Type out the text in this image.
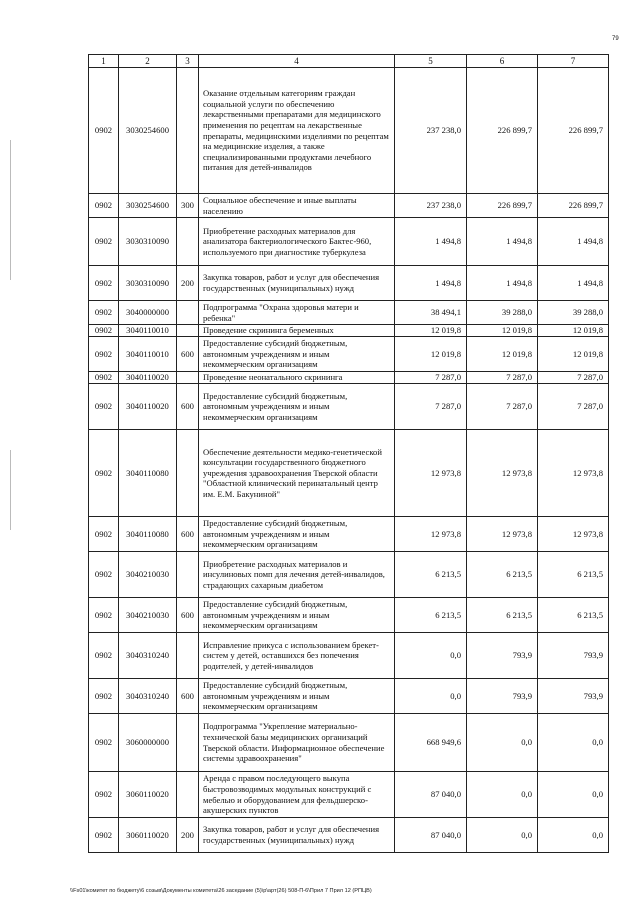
79
1	2	3	4	5	6	7
0902	3030254600		Оказание отдельным категориям граждан социальной услуги по обеспечению лекарственными препаратами для медицинского применения по рецептам на лекарственные препараты, медицинскими изделиями по рецептам на медицинские изделия, а также специализированными продуктами лечебного питания для детей-инвалидов	237 238,0	226 899,7	226 899,7
0902	3030254600	300	Социальное обеспечение и иные выплаты населению	237 238,0	226 899,7	226 899,7
0902	3030310090		Приобретение расходных материалов для анализатора бактериологического Бактес-960, используемого при диагностике туберкулеза	1 494,8	1 494,8	1 494,8
0902	3030310090	200	Закупка товаров, работ и услуг для обеспечения государственных (муниципальных) нужд	1 494,8	1 494,8	1 494,8
0902	3040000000		Подпрограмма "Охрана здоровья матери и ребенка"	38 494,1	39 288,0	39 288,0
0902	3040110010		Проведение скрининга беременных	12 019,8	12 019,8	12 019,8
0902	3040110010	600	Предоставление субсидий бюджетным, автономным учреждениям и иным некоммерческим организациям	12 019,8	12 019,8	12 019,8
0902	3040110020		Проведение неонатального скрининга	7 287,0	7 287,0	7 287,0
0902	3040110020	600	Предоставление субсидий бюджетным, автономным учреждениям и иным некоммерческим организациям	7 287,0	7 287,0	7 287,0
0902	3040110080		Обеспечение деятельности медико-генетической консультации государственного бюджетного учреждения здравоохранения Тверской области "Областной клинический перинатальный центр им. Е.М. Бакуниной"	12 973,8	12 973,8	12 973,8
0902	3040110080	600	Предоставление субсидий бюджетным, автономным учреждениям и иным некоммерческим организациям	12 973,8	12 973,8	12 973,8
0902	3040210030		Приобретение расходных материалов и инсулиновых помп для лечения детей-инвалидов, страдающих сахарным диабетом	6 213,5	6 213,5	6 213,5
0902	3040210030	600	Предоставление субсидий бюджетным, автономным учреждениям и иным некоммерческим организациям	6 213,5	6 213,5	6 213,5
0902	3040310240		Исправление прикуса с использованием брекет-систем у детей, оставшихся без попечения родителей, у детей-инвалидов	0,0	793,9	793,9
0902	3040310240	600	Предоставление субсидий бюджетным, автономным учреждениям и иным некоммерческим организациям	0,0	793,9	793,9
0902	3060000000		Подпрограмма "Укрепление материально-технической базы медицинских организаций Тверской области. Информационное обеспечение системы здравоохранения"	668 949,6	0,0	0,0
0902	3060110020		Аренда с правом последующего выкупа быстровозводимых модульных конструкций с мебелью и оборудованием для фельдшерско-акушерских пунктов	87 040,0	0,0	0,0
0902	3060110020	200	Закупка товаров, работ и услуг для обеспечения государственных (муниципальных) нужд	87 040,0	0,0	0,0
\\Fs01\комитет по бюджету\6 созыв\Документы комитета\26 заседание (5)\р\арт(26) 508-П-6\Прил 7 Прил 12 (РПЦВ)
